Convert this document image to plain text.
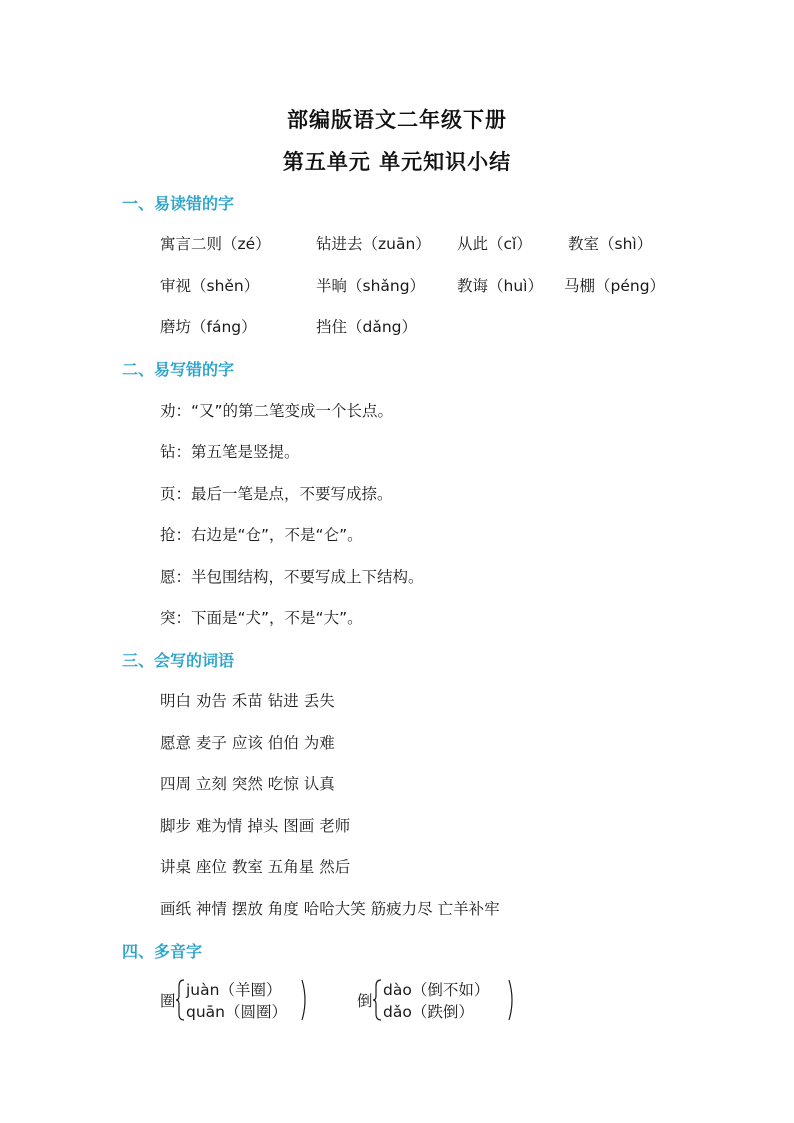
部编版语文二年级下册
第五单元 单元知识小结
一、易读错的字
寓言二则（zé）	钻进去（zuān） 从此（cǐ） 教室（shì）
审视（shěn）	半晌（shǎng） 教诲（huì） 马棚（péng）
磨坊（fáng）	挡住（dǎng）
二、易写错的字
劝：“又”的第二笔变成一个长点。
钻：第五笔是竖提。
页：最后一笔是点，不要写成捺。
抢：右边是“仓”，不是“仑”。
愿：半包围结构，不要写成上下结构。
突：下面是“犬”，不是“大”。
三、会写的词语
明白 劝告 禾苗 钻进 丢失
愿意 麦子 应该 伯伯 为难
四周 立刻 突然 吃惊 认真
脚步 难为情 掉头 图画 老师
讲桌 座位 教室 五角星 然后
画纸 神情 摆放 角度 哈哈大笑 筋疲力尽 亡羊补牢
四、多音字
圈
juàn（羊圈）
quān（圆圈）
倒
dào（倒不如）
dǎo（跌倒）
